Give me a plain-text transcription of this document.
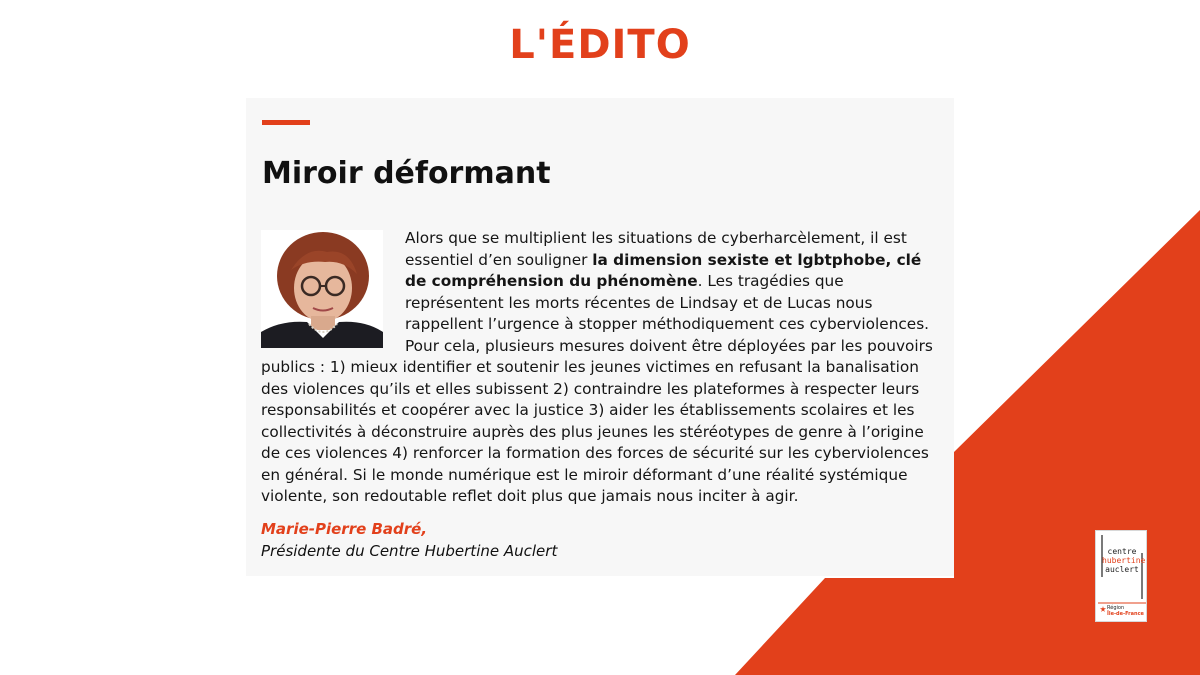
L'ÉDITO
Miroir déformant
Alors que se multiplient les situations de cyberharcèlement, il est essentiel d’en souligner la dimension sexiste et lgbtphobe, clé de compréhension du phénomène. Les tragédies que représentent les morts récentes de Lindsay et de Lucas nous rappellent l’urgence à stopper méthodiquement ces cyberviolences. Pour cela, plusieurs mesures doivent être déployées par les pouvoirs publics : 1) mieux identifier et soutenir les jeunes victimes en refusant la banalisation des violences qu’ils et elles subissent 2) contraindre les plateformes à respecter leurs responsabilités et coopérer avec la justice 3) aider les établissements scolaires et les collectivités à déconstruire auprès des plus jeunes les stéréotypes de genre à l’origine de ces violences 4) renforcer la formation des forces de sécurité sur les cyberviolences en général. Si le monde numérique est le miroir déformant d’une réalité systémique violente, son redoutable reflet doit plus que jamais nous inciter à agir.
Marie-Pierre Badré,
Présidente du Centre Hubertine Auclert	centre
hubertine
auclert
Région
Île-de-France
